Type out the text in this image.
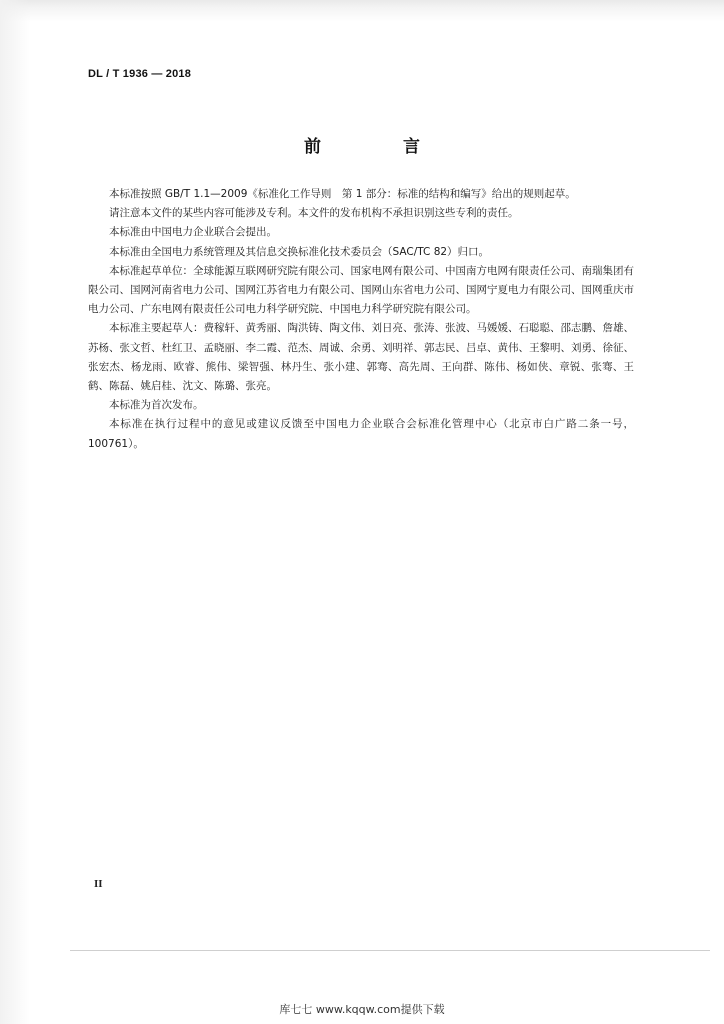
DL / T 1936 — 2018
前 言

本标准按照 GB/T 1.1—2009《标准化工作导则　第 1 部分：标准的结构和编写》给出的规则起草。

请注意本文件的某些内容可能涉及专利。本文件的发布机构不承担识别这些专利的责任。

本标准由中国电力企业联合会提出。

本标准由全国电力系统管理及其信息交换标准化技术委员会（SAC/TC 82）归口。

本标准起草单位：全球能源互联网研究院有限公司、国家电网有限公司、中国南方电网有限责任公司、南瑞集团有限公司、国网河南省电力公司、国网江苏省电力有限公司、国网山东省电力公司、国网宁夏电力有限公司、国网重庆市电力公司、广东电网有限责任公司电力科学研究院、中国电力科学研究院有限公司。

本标准主要起草人：费稼轩、黄秀丽、陶洪铸、陶文伟、刘日亮、张涛、张波、马媛媛、石聪聪、邵志鹏、詹雄、苏杨、张文哲、杜红卫、孟晓丽、李二霞、范杰、周诚、余勇、刘明祥、郭志民、吕卓、黄伟、王黎明、刘勇、徐征、张宏杰、杨龙雨、欧睿、熊伟、梁智强、林丹生、张小建、郭骞、高先周、王向群、陈伟、杨如侠、章锐、张骞、王鹤、陈磊、姚启桂、沈文、陈璐、张亮。

本标准为首次发布。

本标准在执行过程中的意见或建议反馈至中国电力企业联合会标准化管理中心（北京市白广路二条一号，100761）。

II
库七七 www.kqqw.com提供下载
